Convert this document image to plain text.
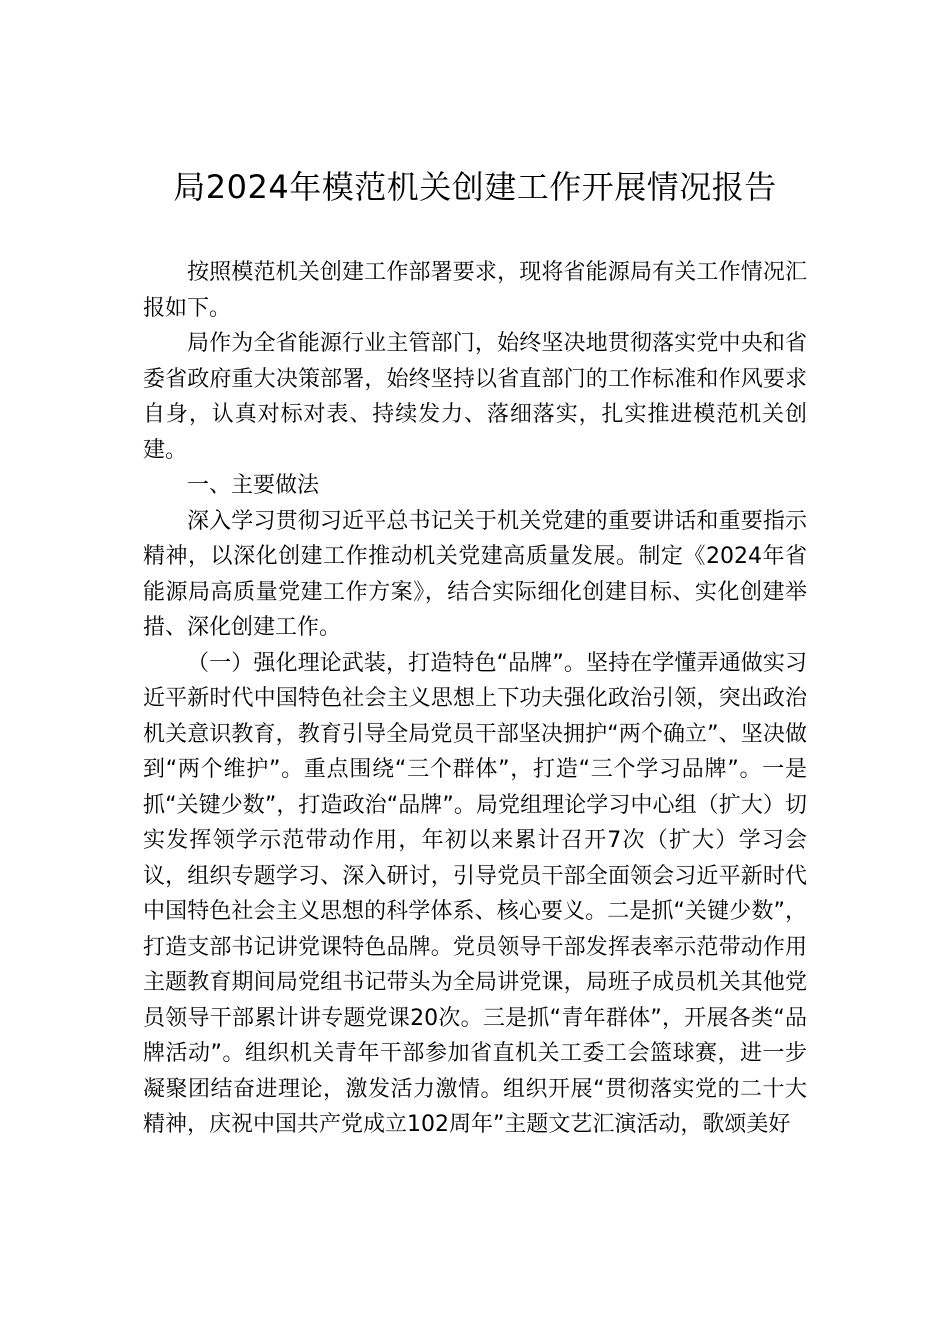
局2024年模范机关创建工作开展情况报告

按照模范机关创建工作部署要求，现将省能源局有关工作情况汇报如下。

局作为全省能源行业主管部门，始终坚决地贯彻落实党中央和省委省政府重大决策部署，始终坚持以省直部门的工作标准和作风要求自身，认真对标对表、持续发力、落细落实，扎实推进模范机关创建。

一、主要做法

深入学习贯彻习近平总书记关于机关党建的重要讲话和重要指示精神，以深化创建工作推动机关党建高质量发展。制定《2024年省能源局高质量党建工作方案》，结合实际细化创建目标、实化创建举措、深化创建工作。

（一）强化理论武装，打造特色“品牌”。坚持在学懂弄通做实习近平新时代中国特色社会主义思想上下功夫强化政治引领，突出政治机关意识教育，教育引导全局党员干部坚决拥护“两个确立”、坚决做到“两个维护”。重点围绕“三个群体”，打造“三个学习品牌”。一是抓“关键少数”，打造政治“品牌”。局党组理论学习中心组（扩大）切实发挥领学示范带动作用，年初以来累计召开7次（扩大）学习会议，组织专题学习、深入研讨，引导党员干部全面领会习近平新时代中国特色社会主义思想的科学体系、核心要义。二是抓“关键少数”，打造支部书记讲党课特色品牌。党员领导干部发挥表率示范带动作用主题教育期间局党组书记带头为全局讲党课，局班子成员机关其他党员领导干部累计讲专题党课20次。三是抓“青年群体”，开展各类“品牌活动”。组织机关青年干部参加省直机关工委工会篮球赛，进一步凝聚团结奋进理论，激发活力激情。组织开展“贯彻落实党的二十大精神，庆祝中国共产党成立102周年”主题文艺汇演活动，歌颂美好
